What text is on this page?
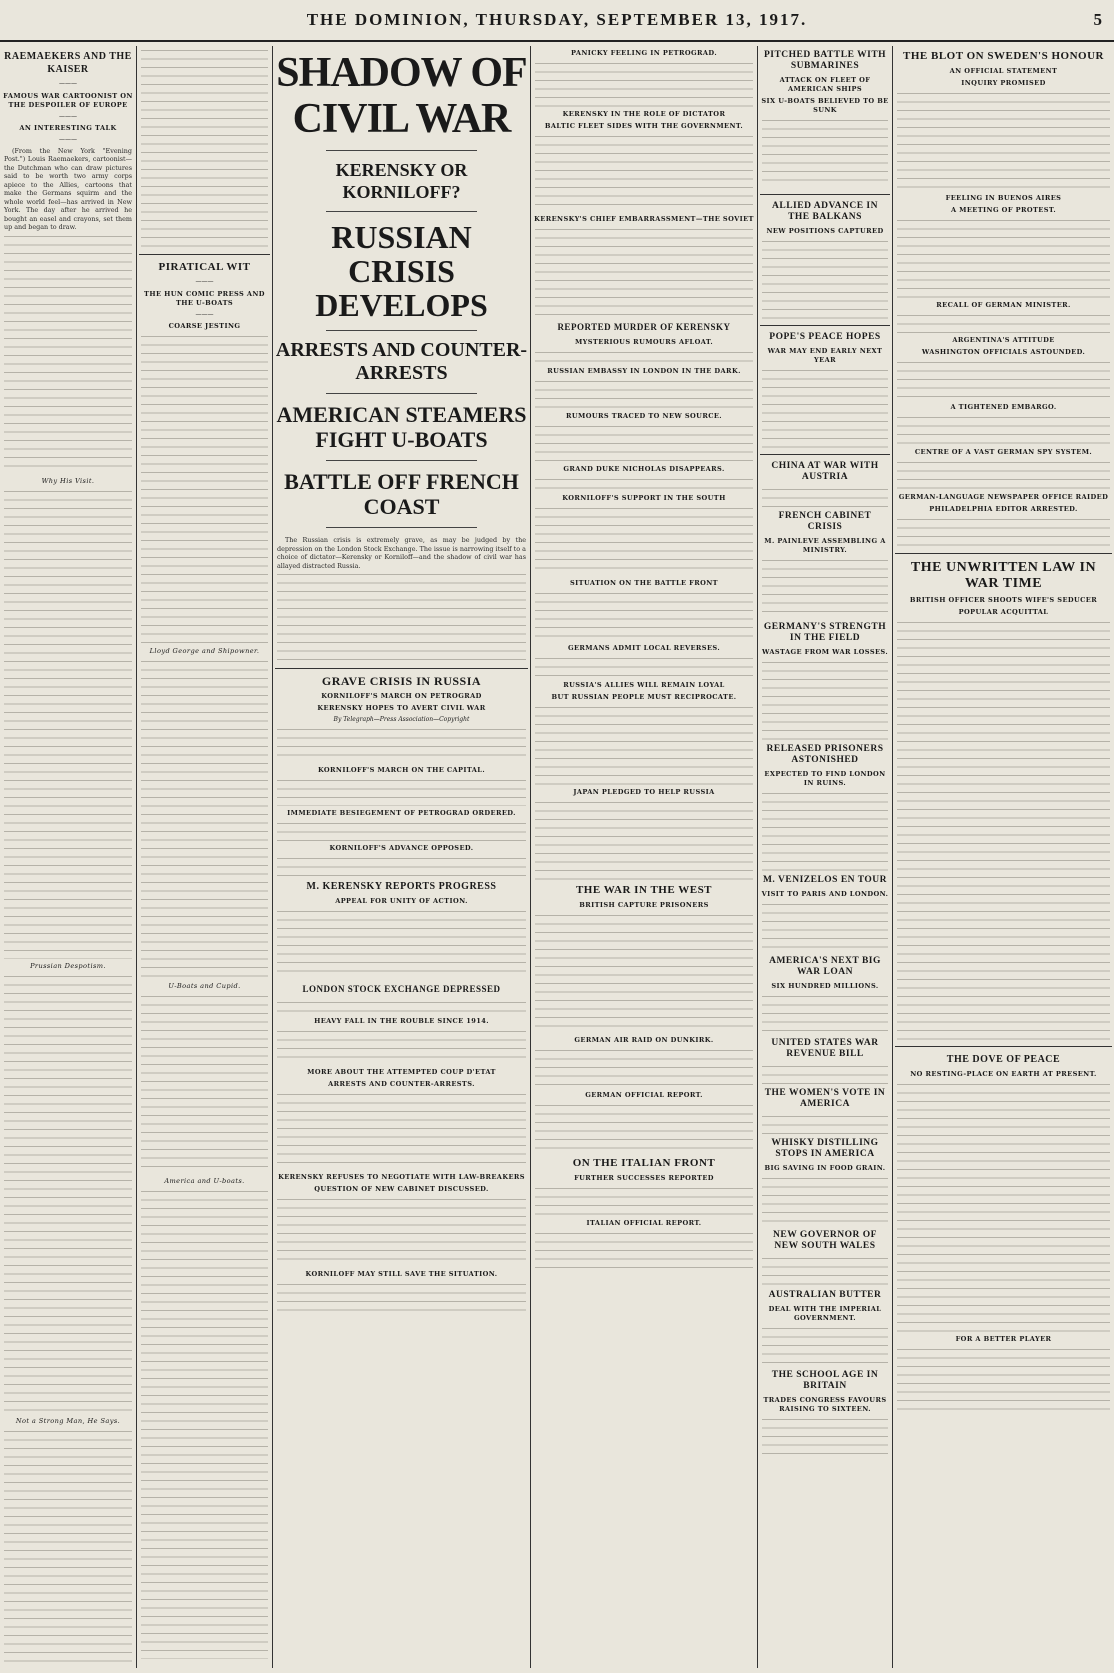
THE DOMINION, THURSDAY, SEPTEMBER 13, 1917.	5
RAEMAEKERS AND THE KAISER
———
FAMOUS WAR CARTOONIST ON THE DESPOILER OF EUROPE
———
AN INTERESTING TALK
———

(From the New York "Evening Post.") Louis Raemaekers, cartoonist—the Dutchman who can draw pictures said to be worth two army corps apiece to the Allies, cartoons that make the Germans squirm and the whole world feel—has arrived in New York. The day after he arrived he bought an easel and crayons, set them up and began to draw.

Why His Visit.
Prussian Despotism.
Not a Strong Man, He Says.
PIRATICAL WIT
———
THE HUN COMIC PRESS AND THE U-BOATS
———
COARSE JESTING
Lloyd George and Shipowner.
U-Boats and Cupid.
America and U-boats.
SHADOW OF CIVIL WAR
KERENSKY OR KORNILOFF?
RUSSIAN CRISIS DEVELOPS
ARRESTS AND COUNTER-ARRESTS
AMERICAN STEAMERS FIGHT U-BOATS
BATTLE OFF FRENCH COAST

The Russian crisis is extremely grave, as may be judged by the depression on the London Stock Exchange. The issue is narrowing itself to a choice of dictator—Kerensky or Korniloff—and the shadow of civil war has allayed distracted Russia.

GRAVE CRISIS IN RUSSIA
KORNILOFF'S MARCH ON PETROGRAD
KERENSKY HOPES TO AVERT CIVIL WAR
By Telegraph—Press Association—Copyright
KORNILOFF'S MARCH ON THE CAPITAL.
IMMEDIATE BESIEGEMENT OF PETROGRAD ORDERED.
KORNILOFF'S ADVANCE OPPOSED.
M. KERENSKY REPORTS PROGRESS
APPEAL FOR UNITY OF ACTION.
LONDON STOCK EXCHANGE DEPRESSED
HEAVY FALL IN THE ROUBLE SINCE 1914.
MORE ABOUT THE ATTEMPTED COUP D'ETAT
ARRESTS AND COUNTER-ARRESTS.
KERENSKY REFUSES TO NEGOTIATE WITH LAW-BREAKERS
QUESTION OF NEW CABINET DISCUSSED.
KORNILOFF MAY STILL SAVE THE SITUATION.
PANICKY FEELING IN PETROGRAD.
KERENSKY IN THE ROLE OF DICTATOR
BALTIC FLEET SIDES WITH THE GOVERNMENT.
KERENSKY'S CHIEF EMBARRASSMENT—THE SOVIET
REPORTED MURDER OF KERENSKY
MYSTERIOUS RUMOURS AFLOAT.
RUSSIAN EMBASSY IN LONDON IN THE DARK.
RUMOURS TRACED TO NEW SOURCE.
GRAND DUKE NICHOLAS DISAPPEARS.
KORNILOFF'S SUPPORT IN THE SOUTH
SITUATION ON THE BATTLE FRONT
GERMANS ADMIT LOCAL REVERSES.
RUSSIA'S ALLIES WILL REMAIN LOYAL
BUT RUSSIAN PEOPLE MUST RECIPROCATE.
JAPAN PLEDGED TO HELP RUSSIA
THE WAR IN THE WEST
BRITISH CAPTURE PRISONERS
GERMAN AIR RAID ON DUNKIRK.
GERMAN OFFICIAL REPORT.
ON THE ITALIAN FRONT
FURTHER SUCCESSES REPORTED
ITALIAN OFFICIAL REPORT.
PITCHED BATTLE WITH SUBMARINES
ATTACK ON FLEET OF AMERICAN SHIPS
SIX U-BOATS BELIEVED TO BE SUNK
ALLIED ADVANCE IN THE BALKANS
NEW POSITIONS CAPTURED
POPE'S PEACE HOPES
WAR MAY END EARLY NEXT YEAR
CHINA AT WAR WITH AUSTRIA
FRENCH CABINET CRISIS
M. PAINLEVE ASSEMBLING A MINISTRY.
GERMANY'S STRENGTH IN THE FIELD
WASTAGE FROM WAR LOSSES.
RELEASED PRISONERS ASTONISHED
EXPECTED TO FIND LONDON IN RUINS.
M. VENIZELOS EN TOUR
VISIT TO PARIS AND LONDON.
AMERICA'S NEXT BIG WAR LOAN
SIX HUNDRED MILLIONS.
UNITED STATES WAR REVENUE BILL
THE WOMEN'S VOTE IN AMERICA
WHISKY DISTILLING STOPS IN AMERICA
BIG SAVING IN FOOD GRAIN.
NEW GOVERNOR OF NEW SOUTH WALES
AUSTRALIAN BUTTER
DEAL WITH THE IMPERIAL GOVERNMENT.
THE SCHOOL AGE IN BRITAIN
TRADES CONGRESS FAVOURS RAISING TO SIXTEEN.
THE BLOT ON SWEDEN'S HONOUR
AN OFFICIAL STATEMENT
INQUIRY PROMISED
FEELING IN BUENOS AIRES
A MEETING OF PROTEST.
RECALL OF GERMAN MINISTER.
ARGENTINA'S ATTITUDE
WASHINGTON OFFICIALS ASTOUNDED.
A TIGHTENED EMBARGO.
CENTRE OF A VAST GERMAN SPY SYSTEM.
GERMAN-LANGUAGE NEWSPAPER OFFICE RAIDED
PHILADELPHIA EDITOR ARRESTED.
THE UNWRITTEN LAW IN WAR TIME
BRITISH OFFICER SHOOTS WIFE'S SEDUCER
POPULAR ACQUITTAL
THE DOVE OF PEACE
NO RESTING-PLACE ON EARTH AT PRESENT.
FOR A BETTER PLAYER
